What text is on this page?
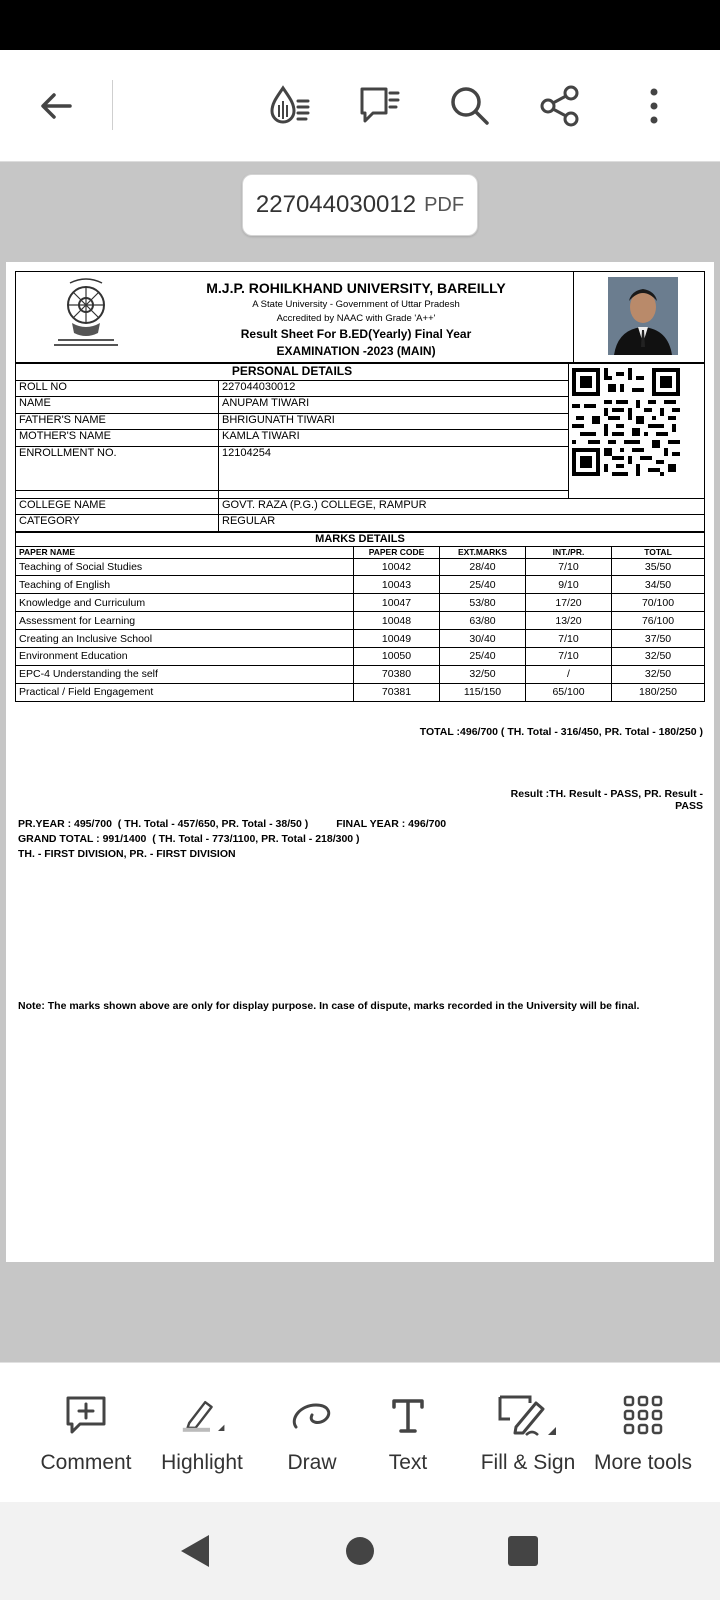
227044030012 PDF
M.J.P. ROHILKHAND UNIVERSITY, BAREILLY
A State University - Government of Uttar Pradesh
Accredited by NAAC with Grade 'A++'
Result Sheet For B.ED(Yearly) Final Year
EXAMINATION -2023 (MAIN)
PERSONAL DETAILS	
ROLL NO	227044030012	
NAME	ANUPAM TIWARI	
FATHER'S NAME	BHRIGUNATH TIWARI	
MOTHER'S NAME	KAMLA TIWARI	
ENROLLMENT NO.	12104254	

COLLEGE NAME	GOVT. RAZA (P.G.) COLLEGE, RAMPUR	
CATEGORY	REGULAR	
MARKS DETAILS				
PAPER NAME	PAPER CODE	EXT.MARKS	INT./PR.	TOTAL
Teaching of Social Studies	10042	28/40	7/10	35/50
Teaching of English	10043	25/40	9/10	34/50
Knowledge and Curriculum	10047	53/80	17/20	70/100
Assessment for Learning	10048	63/80	13/20	76/100
Creating an Inclusive School	10049	30/40	7/10	37/50
Environment Education	10050	25/40	7/10	32/50
EPC-4 Understanding the self	70380	32/50	/	32/50
Practical / Field Engagement	70381	115/150	65/100	180/250
TOTAL :496/700 ( TH. Total - 316/450, PR. Total - 180/250 )
Result :TH. Result - PASS, PR. Result - PASS
PR.YEAR : 495/700  ( TH. Total - 457/650, PR. Total - 38/50 )	FINAL YEAR : 496/700
GRAND TOTAL : 991/1400  ( TH. Total - 773/1100, PR. Total - 218/300 )
TH. - FIRST DIVISION, PR. - FIRST DIVISION
Note: The marks shown above are only for display purpose. In case of dispute, marks recorded in the University will be final.
Comment Highlight Draw Text	Fill & Sign More tools
